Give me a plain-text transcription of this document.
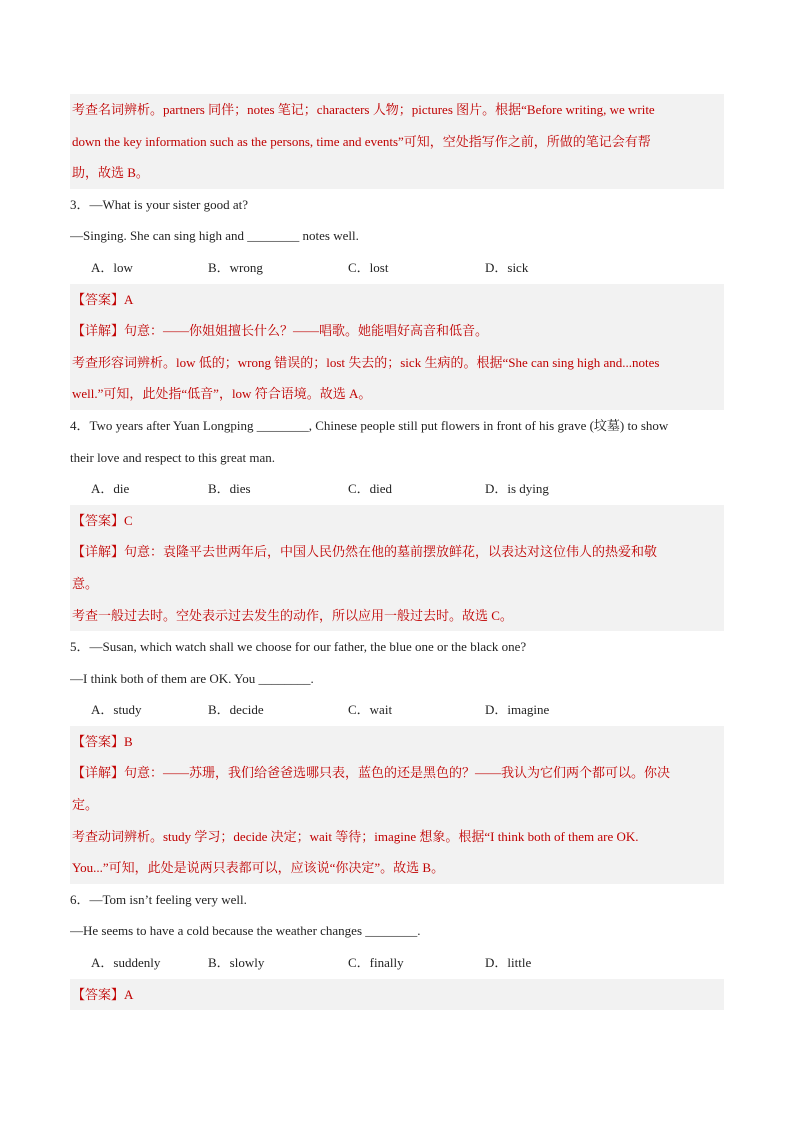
考查名词辨析。partners 同伴；notes 笔记；characters 人物；pictures 图片。根据“Before writing, we write
down the key information such as the persons, time and events”可知，空处指写作之前，所做的笔记会有帮
助，故选 B。
3．—What is your sister good at?
—Singing. She can sing high and ________ notes well.
A．low	B．wrong	C．lost	D．sick
【答案】A
【详解】句意：——你姐姐擅长什么？——唱歌。她能唱好高音和低音。
考查形容词辨析。low 低的；wrong 错误的；lost 失去的；sick 生病的。根据“She can sing high and...notes
well.”可知，此处指“低音”，low 符合语境。故选 A。
4．Two years after Yuan Longping ________, Chinese people still put flowers in front of his grave (坟墓) to show
their love and respect to this great man.
A．die	B．dies	C．died	D．is dying
【答案】C
【详解】句意：袁隆平去世两年后，中国人民仍然在他的墓前摆放鲜花，以表达对这位伟人的热爱和敬
意。
考查一般过去时。空处表示过去发生的动作，所以应用一般过去时。故选 C。
5．—Susan, which watch shall we choose for our father, the blue one or the black one?
—I think both of them are OK. You ________.
A．study	B．decide	C．wait	D．imagine
【答案】B
【详解】句意：——苏珊，我们给爸爸选哪只表，蓝色的还是黑色的？——我认为它们两个都可以。你决
定。
考查动词辨析。study 学习；decide 决定；wait 等待；imagine 想象。根据“I think both of them are OK.
You...”可知，此处是说两只表都可以，应该说“你决定”。故选 B。
6．—Tom isn’t feeling very well.
—He seems to have a cold because the weather changes ________.
A．suddenly	B．slowly	C．finally	D．little
【答案】A
